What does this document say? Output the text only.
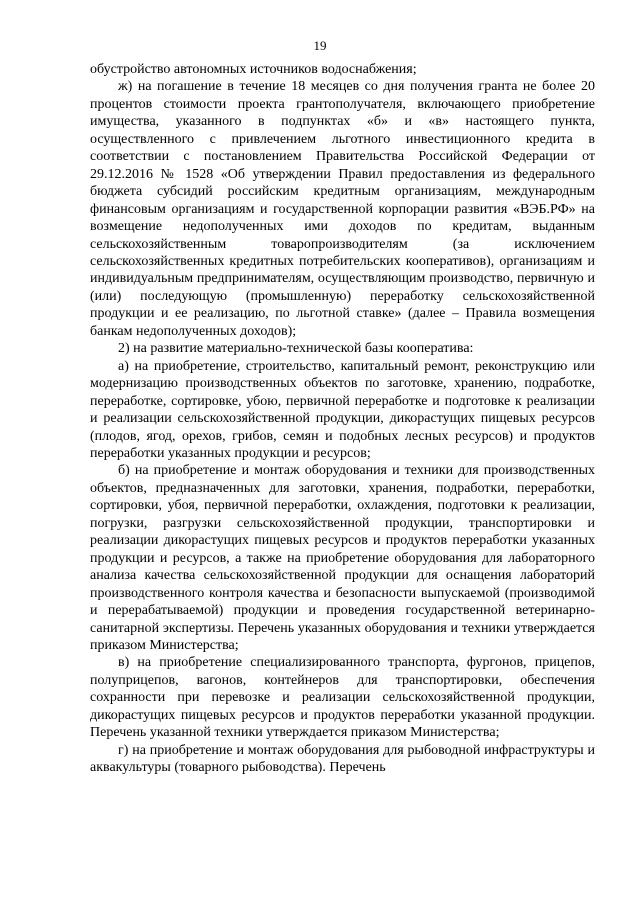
19

обустройство автономных источников водоснабжения;

ж) на погашение в течение 18 месяцев со дня получения гранта не более 20 процентов стоимости проекта грантополучателя, включающего приобретение имущества, указанного в подпунктах «б» и «в» настоящего пункта, осуществленного с привлечением льготного инвестиционного кредита в соответствии с постановлением Правительства Российской Федерации от 29.12.2016 № 1528 «Об утверждении Правил предоставления из федерального бюджета субсидий российским кредитным организациям, международным финансовым организациям и государственной корпорации развития «ВЭБ.РФ» на возмещение недополученных ими доходов по кредитам, выданным сельскохозяйственным товаропроизводителям (за исключением сельскохозяйственных кредитных потребительских кооперативов), организациям и индивидуальным предпринимателям, осуществляющим производство, первичную и (или) последующую (промышленную) переработку сельскохозяйственной продукции и ее реализацию, по льготной ставке» (далее – Правила возмещения банкам недополученных доходов);

2) на развитие материально-технической базы кооператива:

а) на приобретение, строительство, капитальный ремонт, реконструкцию или модернизацию производственных объектов по заготовке, хранению, подработке, переработке, сортировке, убою, первичной переработке и подготовке к реализации и реализации сельскохозяйственной продукции, дикорастущих пищевых ресурсов (плодов, ягод, орехов, грибов, семян и подобных лесных ресурсов) и продуктов переработки указанных продукции и ресурсов;

б) на приобретение и монтаж оборудования и техники для производственных объектов, предназначенных для заготовки, хранения, подработки, переработки, сортировки, убоя, первичной переработки, охлаждения, подготовки к реализации, погрузки, разгрузки сельскохозяйственной продукции, транспортировки и реализации дикорастущих пищевых ресурсов и продуктов переработки указанных продукции и ресурсов, а также на приобретение оборудования для лабораторного анализа качества сельскохозяйственной продукции для оснащения лабораторий производственного контроля качества и безопасности выпускаемой (производимой и перерабатываемой) продукции и проведения государственной ветеринарно-санитарной экспертизы. Перечень указанных оборудования и техники утверждается приказом Министерства;

в) на приобретение специализированного транспорта, фургонов, прицепов, полуприцепов, вагонов, контейнеров для транспортировки, обеспечения сохранности при перевозке и реализации сельскохозяйственной продукции, дикорастущих пищевых ресурсов и продуктов переработки указанной продукции. Перечень указанной техники утверждается приказом Министерства;

г) на приобретение и монтаж оборудования для рыбоводной инфраструктуры и аквакультуры (товарного рыбоводства). Перечень
